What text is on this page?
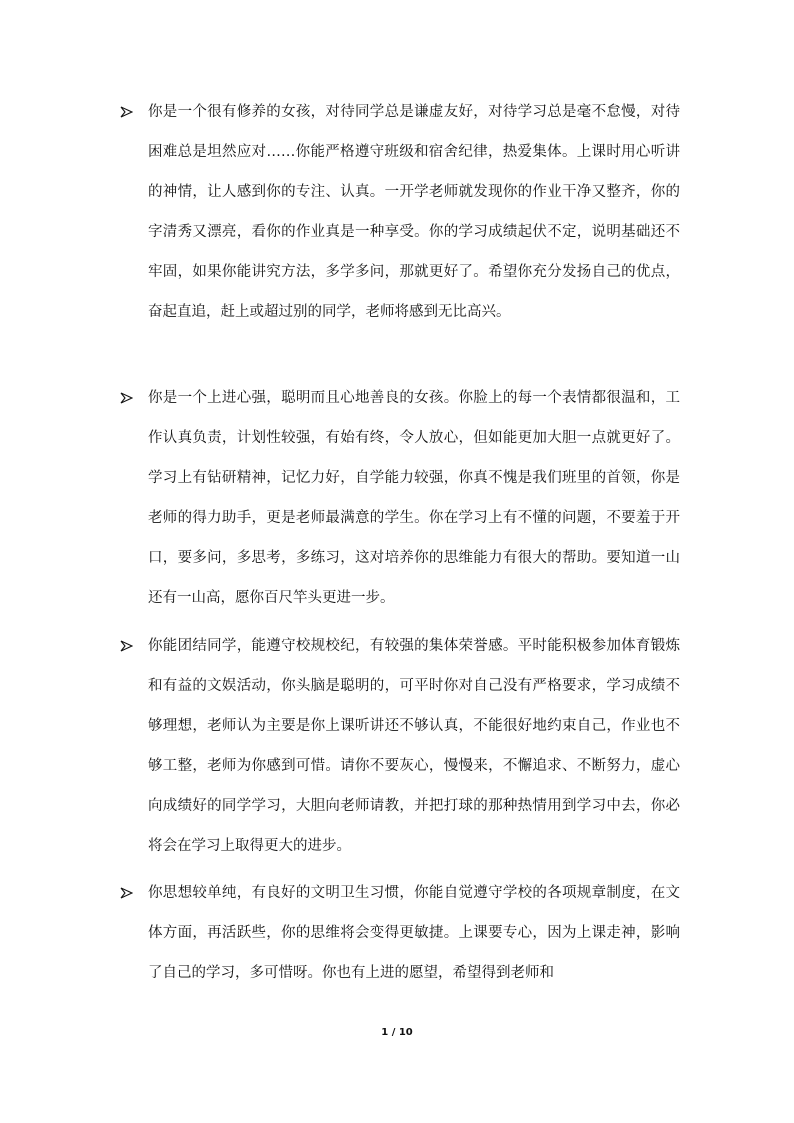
你是一个很有修养的女孩，对待同学总是谦虚友好，对待学习总是毫不怠慢，对待困难总是坦然应对……你能严格遵守班级和宿舍纪律，热爱集体。上课时用心听讲的神情，让人感到你的专注、认真。一开学老师就发现你的作业干净又整齐，你的字清秀又漂亮，看你的作业真是一种享受。你的学习成绩起伏不定，说明基础还不牢固，如果你能讲究方法，多学多问，那就更好了。希望你充分发扬自己的优点，奋起直追，赶上或超过别的同学，老师将感到无比高兴。
你是一个上进心强，聪明而且心地善良的女孩。你脸上的每一个表情都很温和，工作认真负责，计划性较强，有始有终，令人放心，但如能更加大胆一点就更好了。学习上有钻研精神，记忆力好，自学能力较强，你真不愧是我们班里的首领，你是老师的得力助手，更是老师最满意的学生。你在学习上有不懂的问题，不要羞于开口，要多问，多思考，多练习，这对培养你的思维能力有很大的帮助。要知道一山还有一山高，愿你百尺竿头更进一步。
你能团结同学，能遵守校规校纪，有较强的集体荣誉感。平时能积极参加体育锻炼和有益的文娱活动，你头脑是聪明的，可平时你对自己没有严格要求，学习成绩不够理想，老师认为主要是你上课听讲还不够认真，不能很好地约束自己，作业也不够工整，老师为你感到可惜。请你不要灰心，慢慢来，不懈追求、不断努力，虚心向成绩好的同学学习，大胆向老师请教，并把打球的那种热情用到学习中去，你必将会在学习上取得更大的进步。
你思想较单纯，有良好的文明卫生习惯，你能自觉遵守学校的各项规章制度，在文体方面，再活跃些，你的思维将会变得更敏捷。上课要专心，因为上课走神，影响了自己的学习，多可惜呀。你也有上进的愿望，希望得到老师和
1 / 10
